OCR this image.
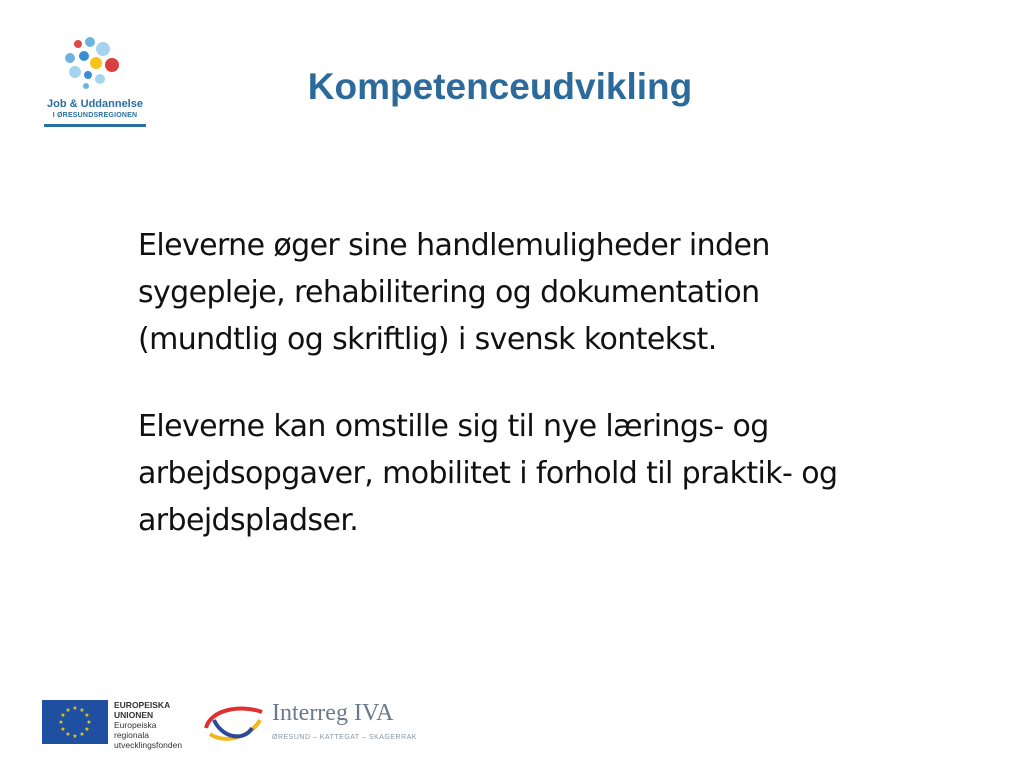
Job & Uddannelse
I ØRESUNDSREGIONEN
Kompetenceudvikling

Eleverne øger sine handlemuligheder inden sygepleje, rehabilitering og dokumentation (mundtlig og skriftlig) i svensk kontekst.

Eleverne kan omstille sig til nye lærings- og arbejdsopgaver, mobilitet i forhold til praktik- og arbejdspladser.

★ ★
★
★
★
★
★
★
★
★
★
★
EUROPEISKA
UNIONEN
Europeiska
regionala
utvecklingsfonden
Interreg IVA
ØRESUND – KATTEGAT – SKAGERRAK
